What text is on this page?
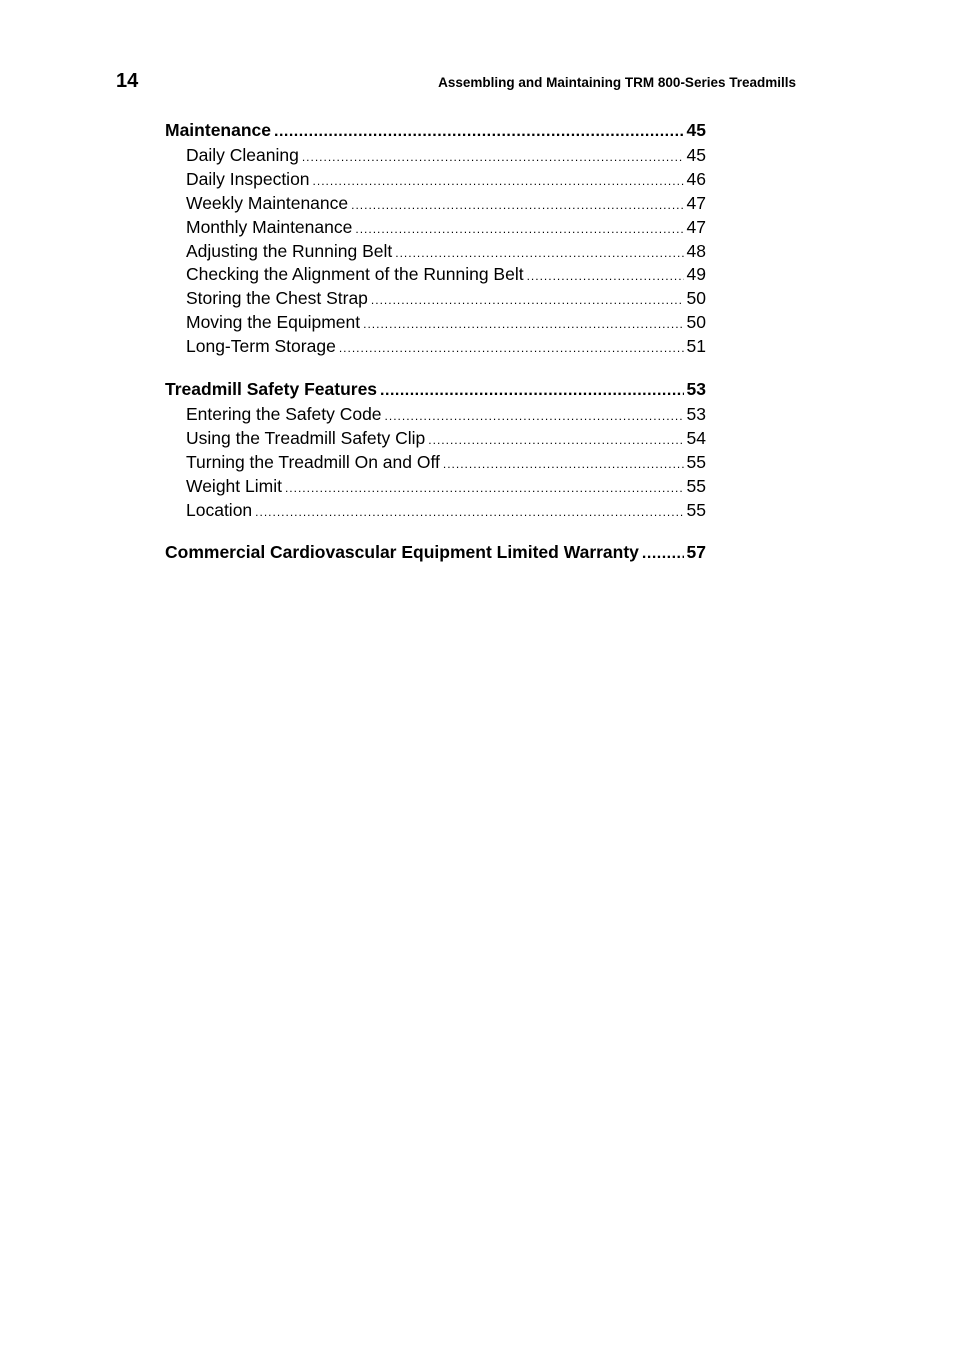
14	Assembling and Maintaining TRM 800-Series Treadmills
Maintenance .....	45
Daily Cleaning .....	45
Daily Inspection .....	46
Weekly Maintenance .....	47
Monthly Maintenance .....	47
Adjusting the Running Belt .....	48
Checking the Alignment of the Running Belt .....	49
Storing the Chest Strap .....	50
Moving the Equipment .....	50
Long-Term Storage .....	51
Treadmill Safety Features .....	53
Entering the Safety Code .....	53
Using the Treadmill Safety Clip .....	54
Turning the Treadmill On and Off .....	55
Weight Limit .....	55
Location .....	55
Commercial Cardiovascular Equipment Limited Warranty .....	57
